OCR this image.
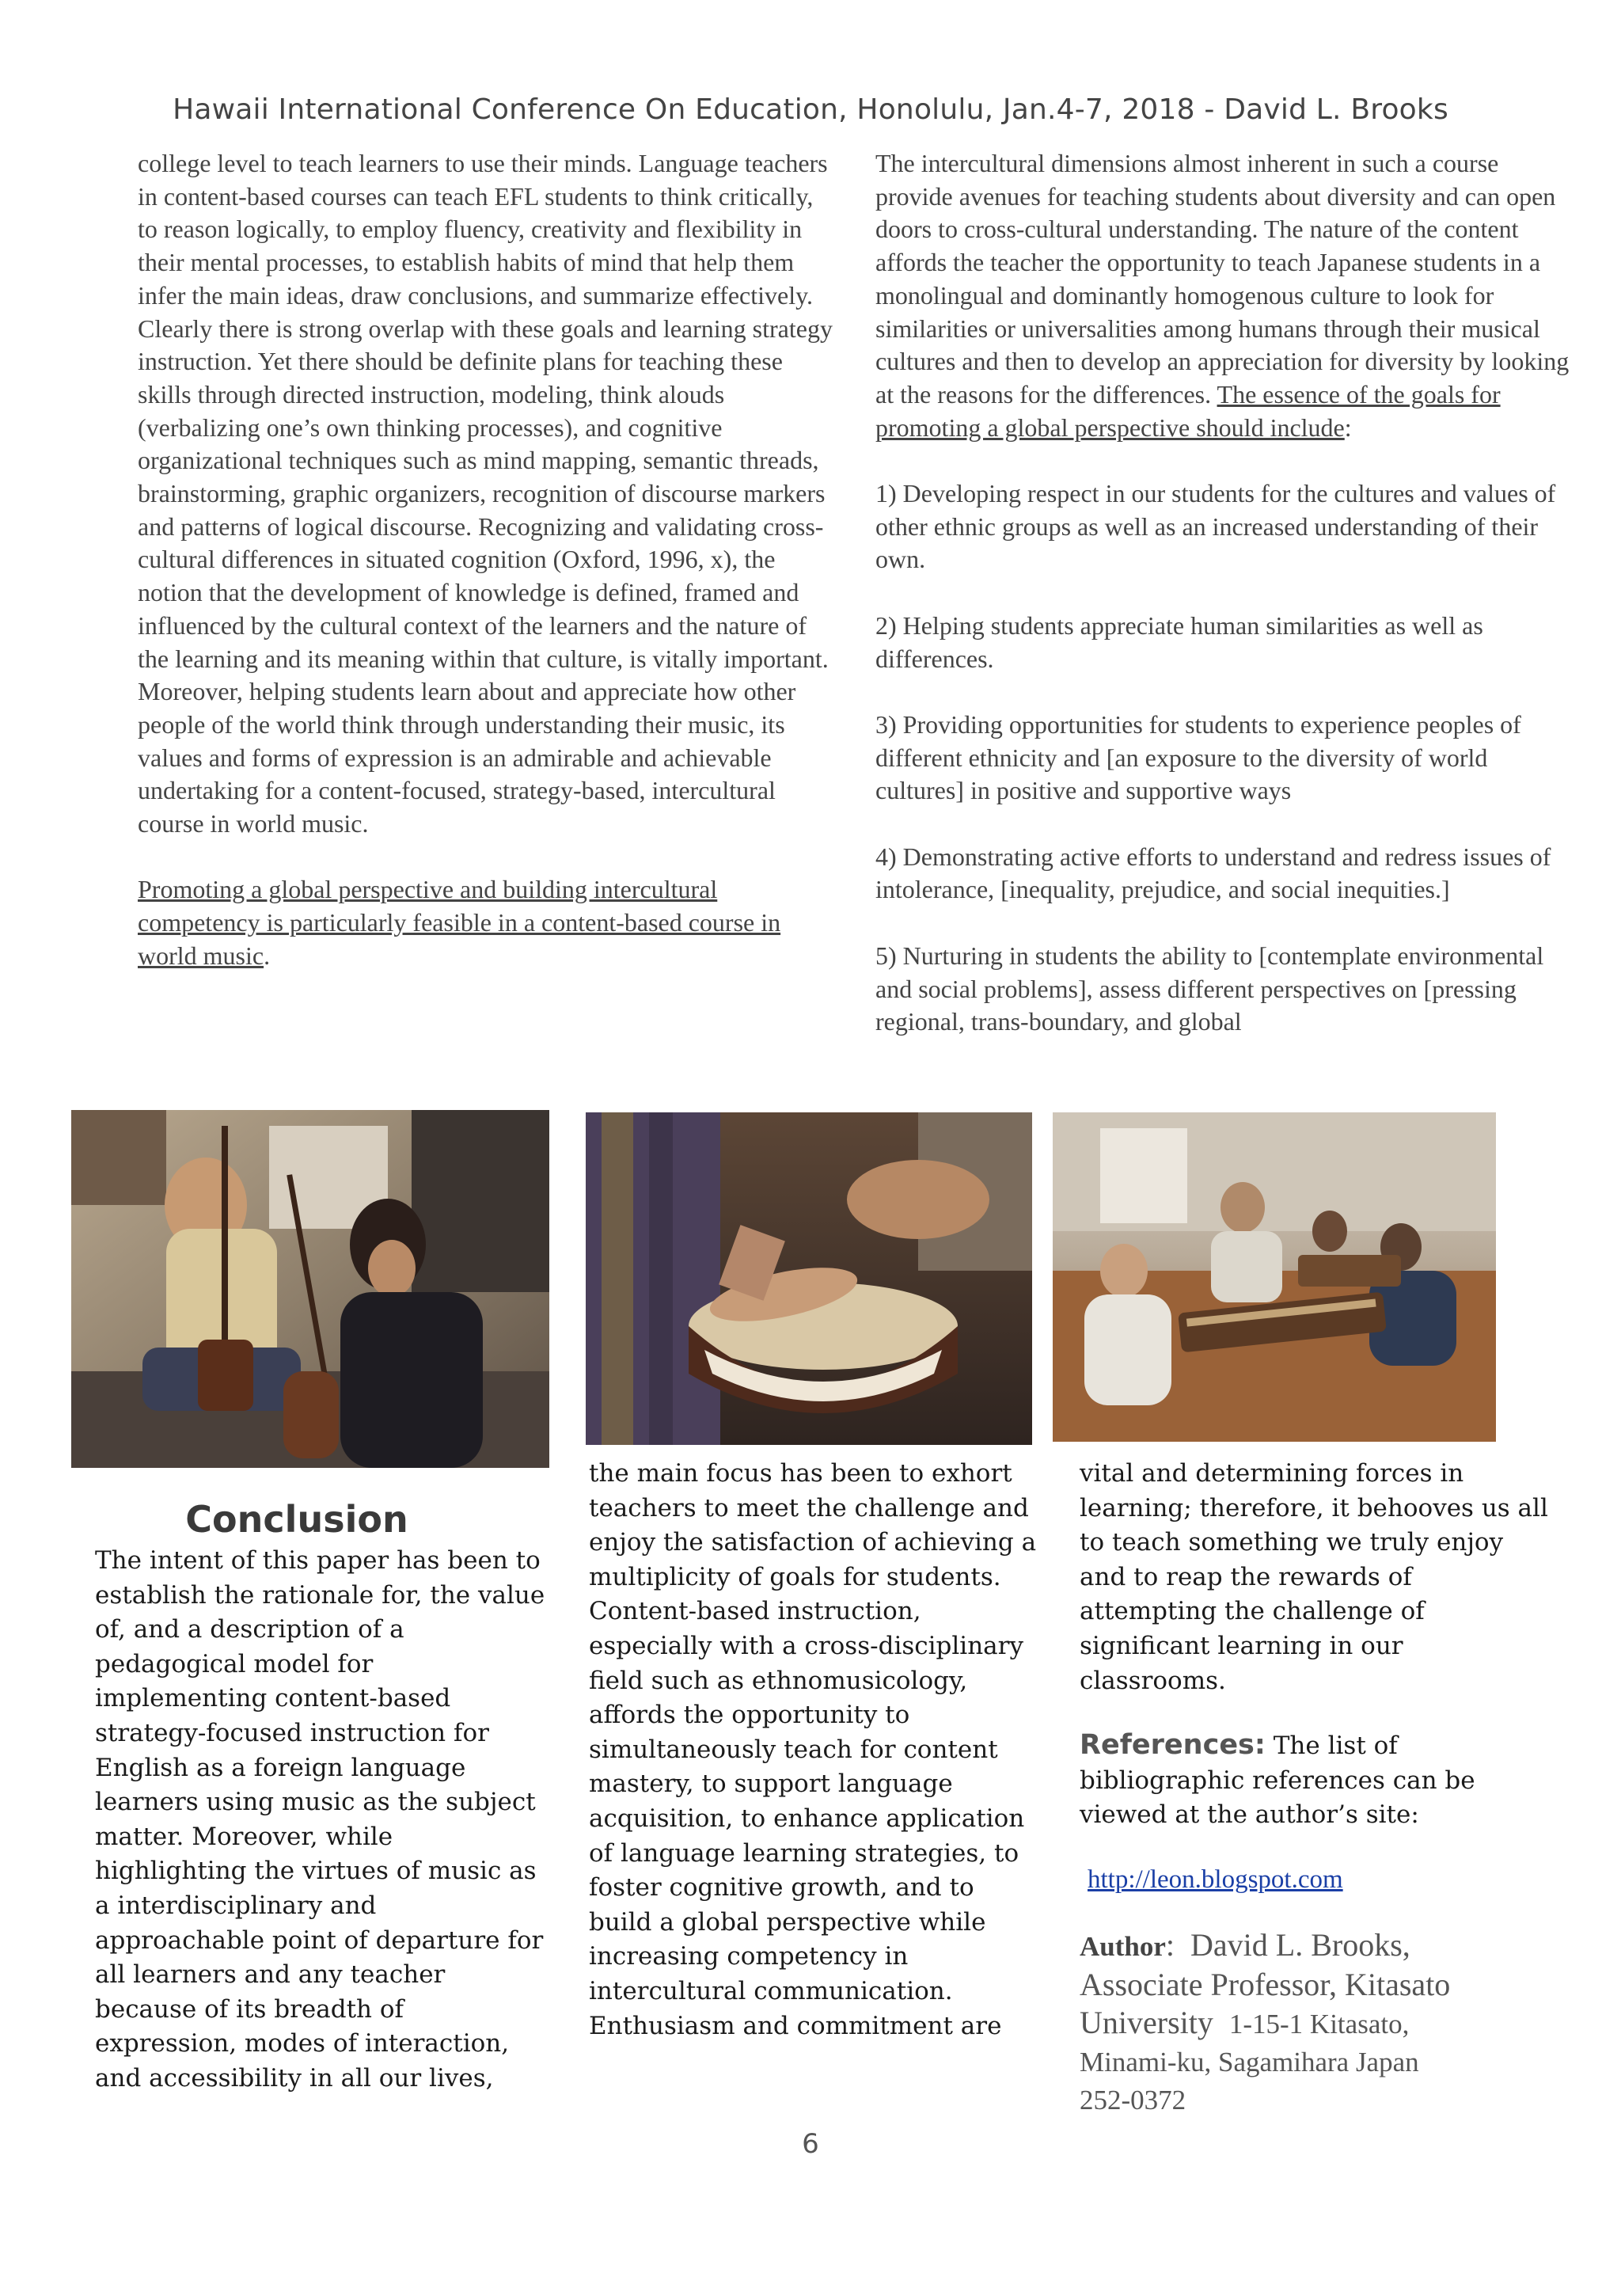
Hawaii International Conference On Education, Honolulu, Jan.4-7, 2018 - David L. Brooks

college level to teach learners to use their minds. Language teachers in content-based courses can teach EFL students to think critically, to reason logically, to employ fluency, creativity and flexibility in their mental processes, to establish habits of mind that help them infer the main ideas, draw conclusions, and summarize effectively. Clearly there is strong overlap with these goals and learning strategy instruction. Yet there should be definite plans for teaching these skills through directed instruction, modeling, think alouds (verbalizing one’s own thinking processes), and cognitive organizational techniques such as mind mapping, semantic threads, brainstorming, graphic organizers, recognition of discourse markers and patterns of logical discourse. Recognizing and validating cross-cultural differences in situated cognition (Oxford, 1996, x), the notion that the development of knowledge is defined, framed and influenced by the cultural context of the learners and the nature of the learning and its meaning within that culture, is vitally important. Moreover, helping students learn about and appreciate how other people of the world think through understanding their music, its values and forms of expression is an admirable and achievable undertaking for a content-focused, strategy-based, intercultural course in world music.

Promoting a global perspective and building intercultural competency is particularly feasible in a content-based course in world music.

The intercultural dimensions almost inherent in such a course provide avenues for teaching students about diversity and can open doors to cross-cultural understanding. The nature of the content affords the teacher the opportunity to teach Japanese students in a monolingual and dominantly homogenous culture to look for similarities or universalities among humans through their musical cultures and then to develop an appreciation for diversity by looking at the reasons for the differences. The essence of the goals for promoting a global perspective should include:

1) Developing respect in our students for the cultures and values of other ethnic groups as well as an increased understanding of their own.

2) Helping students appreciate human similarities as well as differences.

3) Providing opportunities for students to experience peoples of different ethnicity and [an exposure to the diversity of world cultures] in positive and supportive ways

4) Demonstrating active efforts to understand and redress issues of intolerance, [inequality, prejudice, and social inequities.]

5) Nurturing in students the ability to [contemplate environmental and social problems], assess different perspectives on [pressing regional, trans-boundary, and global

Conclusion

The intent of this paper has been to establish the rationale for, the value of, and a description of a pedagogical model for implementing content-based strategy-focused instruction for English as a foreign language learners using music as the subject matter. Moreover, while highlighting the virtues of music as a interdisciplinary and approachable point of departure for all learners and any teacher because of its breadth of expression, modes of interaction, and accessibility in all our lives,

the main focus has been to exhort teachers to meet the challenge and enjoy the satisfaction of achieving a multiplicity of goals for students. Content-based instruction, especially with a cross-disciplinary field such as ethnomusicology, affords the opportunity to simultaneously teach for content mastery, to support language acquisition, to enhance application of language learning strategies, to foster cognitive growth, and to build a global perspective while increasing competency in intercultural communication. Enthusiasm and commitment are

vital and determining forces in learning; therefore, it behooves us all to teach something we truly enjoy and to reap the rewards of attempting the challenge of significant learning in our classrooms.

References: The list of bibliographic references can be viewed at the author’s site:

http://leon.blogspot.com
Author: David L. Brooks,
Associate Professor, Kitasato
University 1-15-1 Kitasato,
Minami-ku, Sagamihara Japan
252-0372
6
